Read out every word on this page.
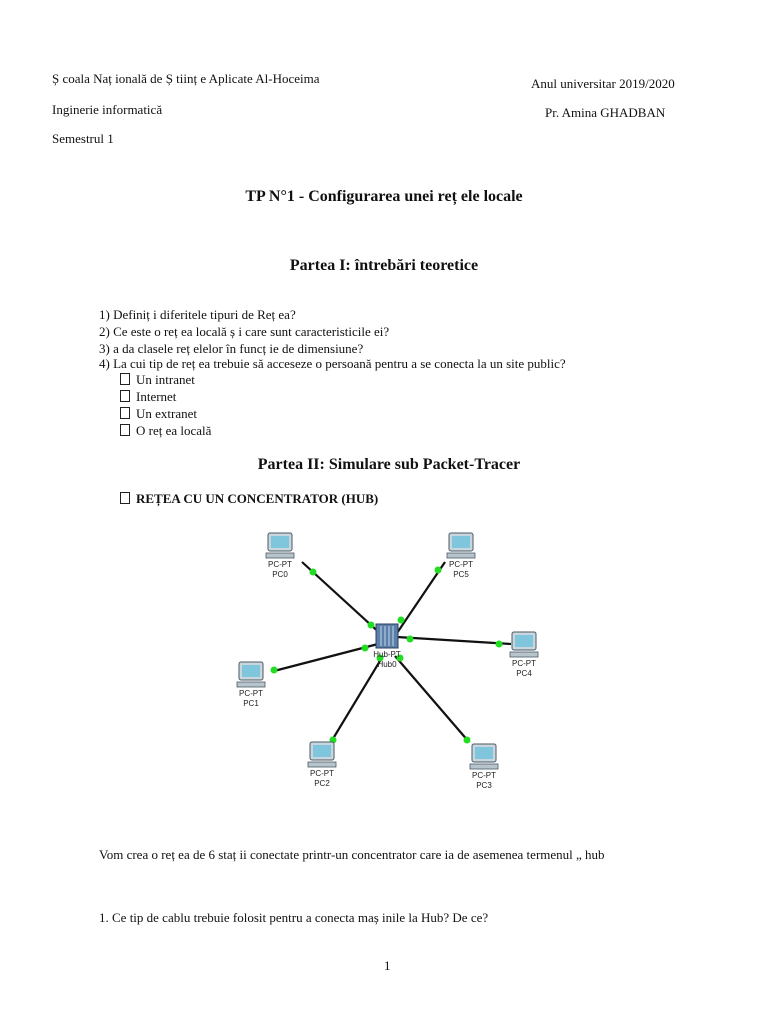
Ș coala Naț ională de Ș tiinț e Aplicate Al-Hoceima
Inginerie informatică
Semestrul 1
Anul universitar 2019/2020
Pr. Amina GHADBAN
TP N°1 - Configurarea unei reț ele locale
Partea I: întrebări teoretice
1) Definiț i diferitele tipuri de Reț ea?
2) Ce este o reț ea locală ș i care sunt caracteristicile ei?
3) a da clasele reț elelor în funcț ie de dimensiune?
4) La cui tip de reț ea trebuie să acceseze o persoană pentru a se conecta la un site public?
Un intranet
Internet
Un extranet
O reț ea locală
Partea II: Simulare sub Packet-Tracer
REȚEA CU UN CONCENTRATOR (HUB)
Hub-PT
Hub0
PC-PT
PC0
PC-PT
PC5
PC-PT
PC4
PC-PT
PC1
PC-PT
PC2
PC-PT
PC3
Vom crea o reț ea de 6 staț ii conectate printr-un concentrator care ia de asemenea termenul „ hub
1. Ce tip de cablu trebuie folosit pentru a conecta maș inile la Hub? De ce?
1
